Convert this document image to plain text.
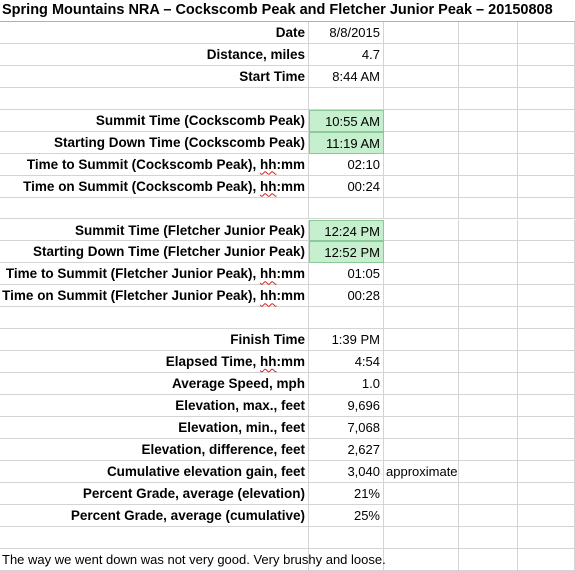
Spring Mountains NRA – Cockscomb Peak and Fletcher Junior Peak – 20150808
Date	8/8/2015
Distance, miles	4.7
Start Time	8:44 AM
Summit Time (Cockscomb Peak)	10:55 AM
Starting Down Time (Cockscomb Peak)	11:19 AM
Time to Summit (Cockscomb Peak), hh:mm	02:10
Time on Summit (Cockscomb Peak), hh:mm	00:24
Summit Time (Fletcher Junior Peak)	12:24 PM
Starting Down Time (Fletcher Junior Peak)	12:52 PM
Time to Summit (Fletcher Junior Peak), hh:mm	01:05
Time on Summit (Fletcher Junior Peak), hh:mm	00:28
Finish Time	1:39 PM
Elapsed Time, hh:mm	4:54
Average Speed, mph	1.0
Elevation, max., feet	9,696
Elevation, min., feet	7,068
Elevation, difference, feet	2,627
Cumulative elevation gain, feet	3,040 approximate
Percent Grade, average (elevation)	21%
Percent Grade, average (cumulative)	25%
The way we went down was not very good. Very brushy and loose.
